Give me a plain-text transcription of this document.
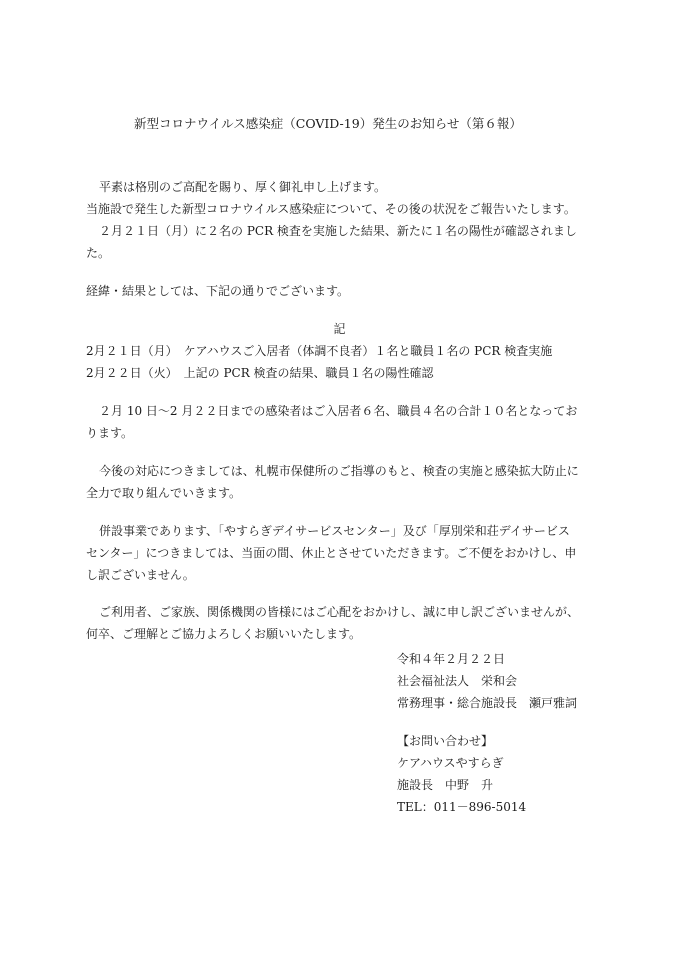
新型コロナウイルス感染症（COVID-19）発生のお知らせ（第６報）
平素は格別のご高配を賜り、厚く御礼申し上げます。
当施設で発生した新型コロナウイルス感染症について、その後の状況をご報告いたします。
２月２１日（月）に２名の PCR 検査を実施した結果、新たに１名の陽性が確認されまし
た。
経緯・結果としては、下記の通りでございます。
記
2月２１日（月）　ケアハウスご入居者（体調不良者）１名と職員１名の PCR 検査実施
2月２２日（火）　上記の PCR 検査の結果、職員１名の陽性確認
２月 10 日〜2 月２２日までの感染者はご入居者６名、職員４名の合計１０名となってお
ります。
今後の対応につきましては、札幌市保健所のご指導のもと、検査の実施と感染拡大防止に
全力で取り組んでいきます。
併設事業であります、「やすらぎデイサービスセンター」及び「厚別栄和荘デイサービス
センター」につきましては、当面の間、休止とさせていただきます。ご不便をおかけし、申
し訳ございません。
ご利用者、ご家族、関係機関の皆様にはご心配をおかけし、誠に申し訳ございませんが、
何卒、ご理解とご協力よろしくお願いいたします。
令和４年２月２２日
社会福祉法人　栄和会
常務理事・総合施設長　瀬戸雅詞
【お問い合わせ】
ケアハウスやすらぎ
施設長　中野　升
TEL：011－896-5014
